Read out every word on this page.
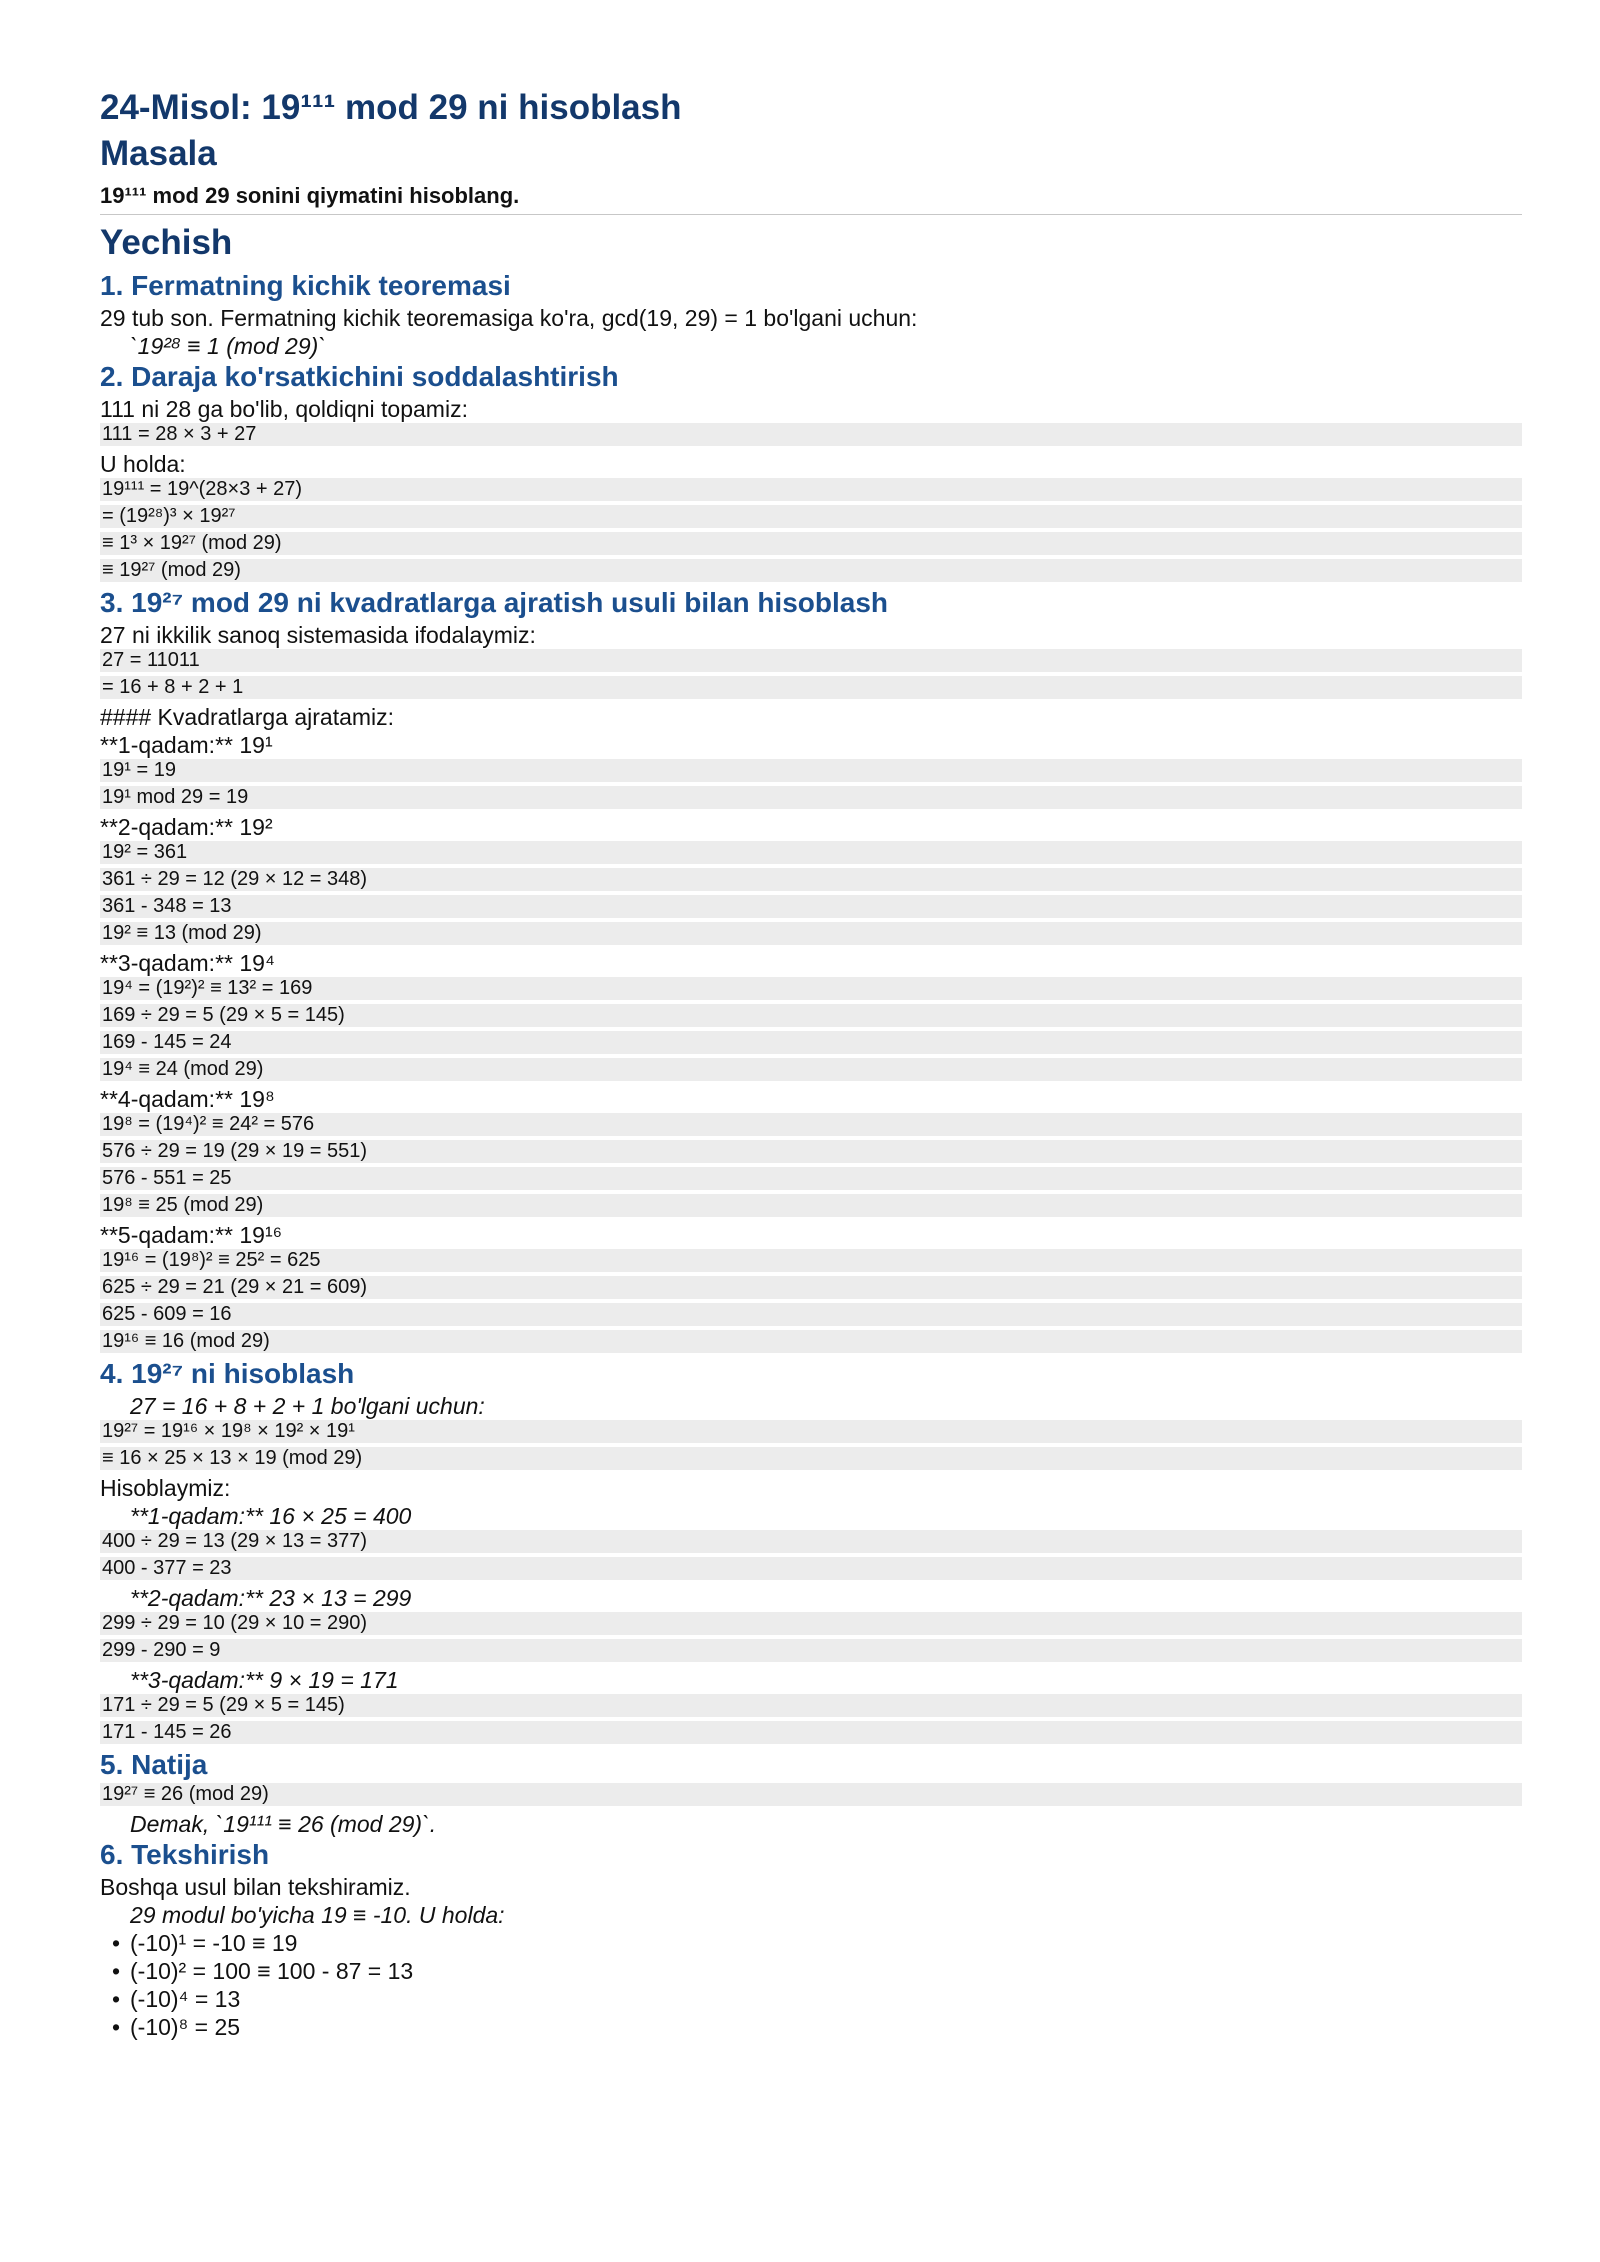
24-Misol: 19¹¹¹ mod 29 ni hisoblash
Masala
19¹¹¹ mod 29 sonini qiymatini hisoblang.
Yechish
1. Fermatning kichik teoremasi
29 tub son. Fermatning kichik teoremasiga ko'ra, gcd(19, 29) = 1 bo'lgani uchun:
`19²⁸ ≡ 1 (mod 29)`
2. Daraja ko'rsatkichini soddalashtirish
111 ni 28 ga bo'lib, qoldiqni topamiz:
111 = 28 × 3 + 27
U holda:
19¹¹¹ = 19^(28×3 + 27)
= (19²⁸)³ × 19²⁷
≡ 1³ × 19²⁷ (mod 29)
≡ 19²⁷ (mod 29)
3. 19²⁷ mod 29 ni kvadratlarga ajratish usuli bilan hisoblash
27 ni ikkilik sanoq sistemasida ifodalaymiz:
27 = 11011
= 16 + 8 + 2 + 1
#### Kvadratlarga ajratamiz:
**1-qadam:** 19¹
19¹ = 19
19¹ mod 29 = 19
**2-qadam:** 19²
19² = 361
361 ÷ 29 = 12 (29 × 12 = 348)
361 - 348 = 13
19² ≡ 13 (mod 29)
**3-qadam:** 19⁴
19⁴ = (19²)² ≡ 13² = 169
169 ÷ 29 = 5 (29 × 5 = 145)
169 - 145 = 24
19⁴ ≡ 24 (mod 29)
**4-qadam:** 19⁸
19⁸ = (19⁴)² ≡ 24² = 576
576 ÷ 29 = 19 (29 × 19 = 551)
576 - 551 = 25
19⁸ ≡ 25 (mod 29)
**5-qadam:** 19¹⁶
19¹⁶ = (19⁸)² ≡ 25² = 625
625 ÷ 29 = 21 (29 × 21 = 609)
625 - 609 = 16
19¹⁶ ≡ 16 (mod 29)
4. 19²⁷ ni hisoblash
27 = 16 + 8 + 2 + 1 bo'lgani uchun:
19²⁷ = 19¹⁶ × 19⁸ × 19² × 19¹
≡ 16 × 25 × 13 × 19 (mod 29)
Hisoblaymiz:
**1-qadam:** 16 × 25 = 400
400 ÷ 29 = 13 (29 × 13 = 377)
400 - 377 = 23
**2-qadam:** 23 × 13 = 299
299 ÷ 29 = 10 (29 × 10 = 290)
299 - 290 = 9
**3-qadam:** 9 × 19 = 171
171 ÷ 29 = 5 (29 × 5 = 145)
171 - 145 = 26
5. Natija
19²⁷ ≡ 26 (mod 29)
Demak, `19¹¹¹ ≡ 26 (mod 29)`.
6. Tekshirish
Boshqa usul bilan tekshiramiz.
29 modul bo'yicha 19 ≡ -10. U holda:
• (-10)¹ = -10 ≡ 19
• (-10)² = 100 ≡ 100 - 87 = 13
• (-10)⁴ = 13
• (-10)⁸ = 25
